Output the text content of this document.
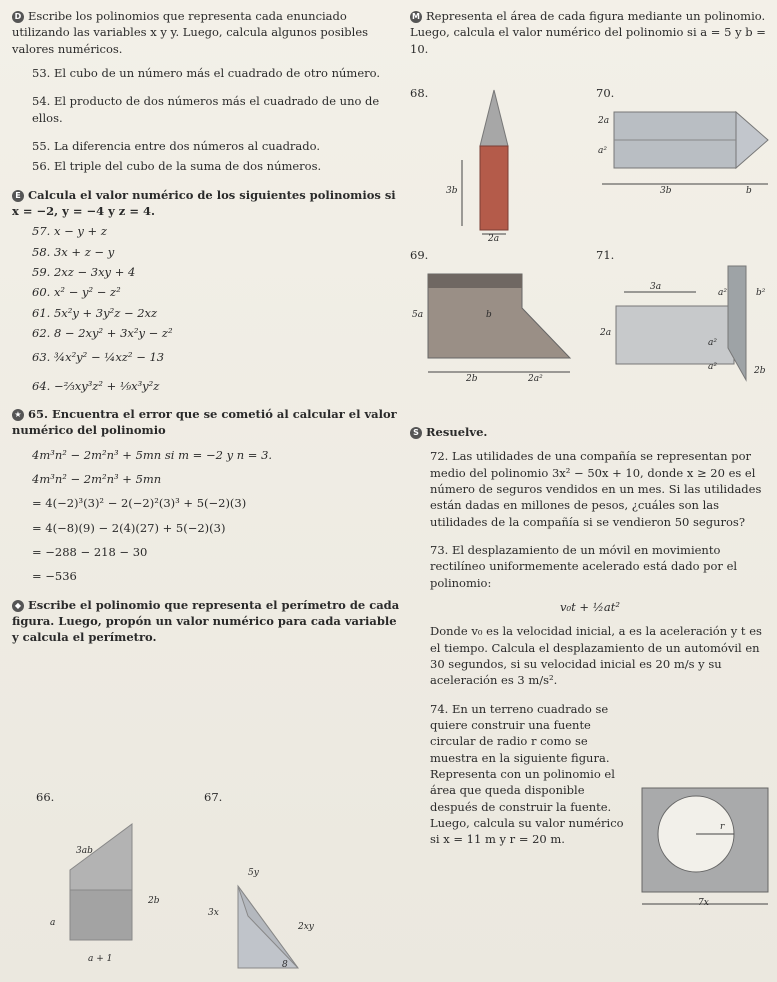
D Escribe los polinomios que representa cada enunciado utilizando las variables x y y. Luego, calcula algunos posibles valores numéricos.

53. El cubo de un número más el cuadrado de otro número.

54. El producto de dos números más el cuadrado de uno de ellos.

55. La diferencia entre dos números al cuadrado.

56. El triple del cubo de la suma de dos números.

E Calcula el valor numérico de los siguientes polinomios si x = −2, y = −4 y z = 4.

57. x − y + z

58. 3x + z − y

59. 2xz − 3xy + 4

60. x² − y² − z²

61. 5x²y + 3y²z − 2xz

62. 8 − 2xy² + 3x²y − z²

63. ¾x²y² − ¼xz² − 13

64. −⅔xy³z² + ⅑x³y²z

★ 65. Encuentra el error que se cometió al calcular el valor numérico del polinomio

4m³n² − 2m²n³ + 5mn si m = −2 y n = 3.

4m³n² − 2m²n³ + 5mn

= 4(−2)³(3)² − 2(−2)²(3)³ + 5(−2)(3)

= 4(−8)(9) − 2(4)(27) + 5(−2)(3)

= −288 − 218 − 30

= −536

◆ Escribe el polinomio que representa el perímetro de cada figura. Luego, propón un valor numérico para cada variable y calcula el perímetro.

66.	67.
3ab
2b
a
a + 1
5y
3x
2xy
8

M Representa el área de cada figura mediante un polinomio. Luego, calcula el valor numérico del polinomio si a = 5 y b = 10.

68.
3b
2a
70.
2a
a²
3b	b
69.
5a	b
2b	2a²
71.
3a
a²	b²
2a
a²
a²	2b

S Resuelve.

72. Las utilidades de una compañía se representan por medio del polinomio 3x² − 50x + 10, donde x ≥ 20 es el número de seguros vendidos en un mes. Si las utilidades están dadas en millones de pesos, ¿cuáles son las utilidades de la compañía si se vendieron 50 seguros?

73. El desplazamiento de un móvil en movimiento rectilíneo uniformemente acelerado está dado por el polinomio:

v₀t + ½at²

Donde v₀ es la velocidad inicial, a es la aceleración y t es el tiempo. Calcula el desplazamiento de un automóvil en 30 segundos, si su velocidad inicial es 20 m/s y su aceleración es 3 m/s².

74. En un terreno cuadrado se quiere construir una fuente circular de radio r como se muestra en la siguiente figura. Representa con un polinomio el área que queda disponible después de construir la fuente. Luego, calcula su valor numérico si x = 11 m y r = 20 m.

r
7x
